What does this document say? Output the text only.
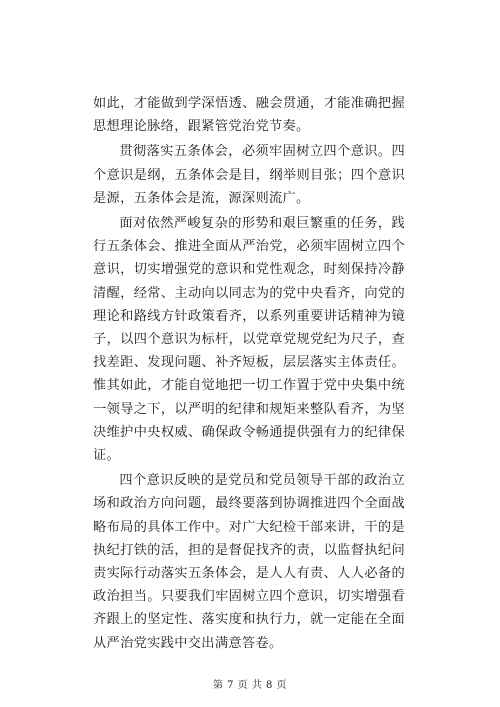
如此，才能做到学深悟透、融会贯通，才能准确把握思想理论脉络，跟紧管党治党节奏。

贯彻落实五条体会，必须牢固树立四个意识。四个意识是纲，五条体会是目，纲举则目张；四个意识是源，五条体会是流，源深则流广。

面对依然严峻复杂的形势和艰巨繁重的任务，践行五条体会、推进全面从严治党，必须牢固树立四个意识，切实增强党的意识和党性观念，时刻保持冷静清醒，经常、主动向以同志为的党中央看齐，向党的理论和路线方针政策看齐，以系列重要讲话精神为镜子，以四个意识为标杆，以党章党规党纪为尺子，查找差距、发现问题、补齐短板，层层落实主体责任。惟其如此，才能自觉地把一切工作置于党中央集中统一领导之下，以严明的纪律和规矩来整队看齐，为坚决维护中央权威、确保政令畅通提供强有力的纪律保证。

四个意识反映的是党员和党员领导干部的政治立场和政治方向问题，最终要落到协调推进四个全面战略布局的具体工作中。对广大纪检干部来讲，干的是执纪打铁的活，担的是督促找齐的责，以监督执纪问责实际行动落实五条体会，是人人有责、人人必备的政治担当。只要我们牢固树立四个意识，切实增强看齐跟上的坚定性、落实度和执行力，就一定能在全面从严治党实践中交出满意答卷。

第 7 页 共 8 页
